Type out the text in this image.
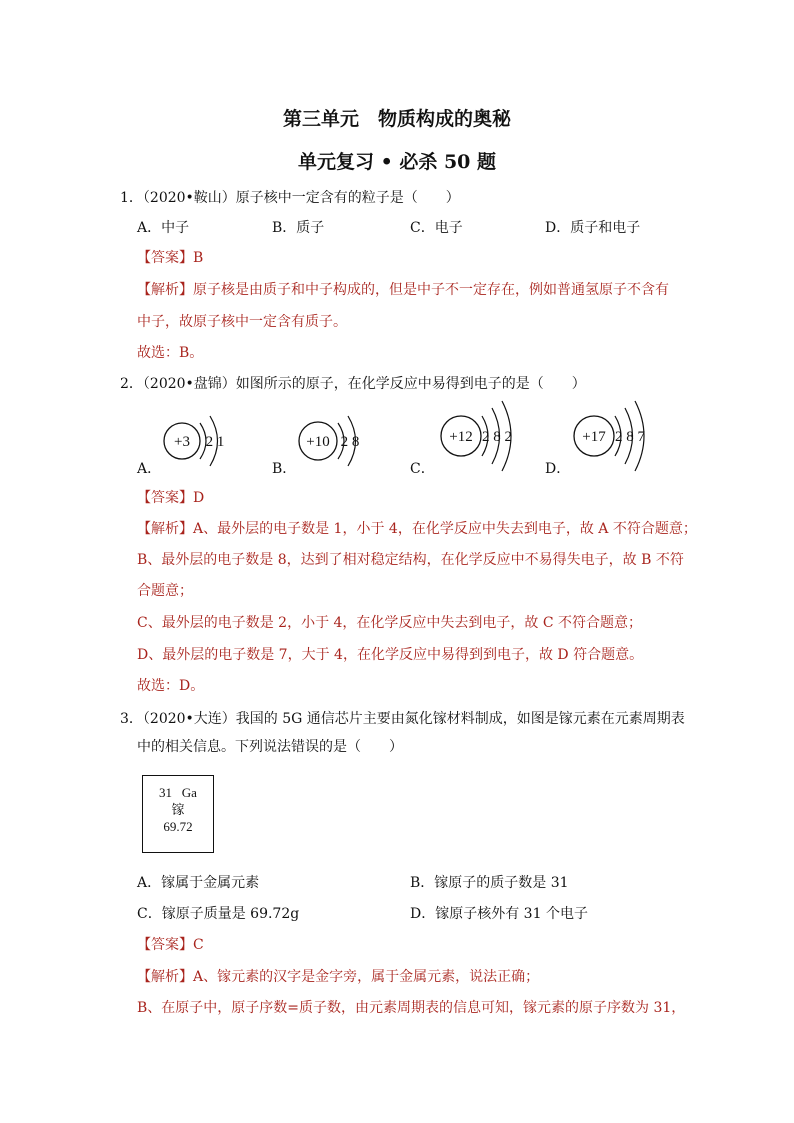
第三单元　物质构成的奥秘
单元复习 • 必杀 50 题
1．（2020•鞍山）原子核中一定含有的粒子是（　　）
A．中子	B．质子	C．电子	D．质子和电子
【答案】B
【解析】原子核是由质子和中子构成的，但是中子不一定存在，例如普通氢原子不含有
中子，故原子核中一定含有质子。
故选：B。
2．（2020•盘锦）如图所示的原子，在化学反应中易得到电子的是（　　）
+3 2 1	+10 2 8	+12 2 8 2	+17 2 8 7
A．	B．	C．	D．
【答案】D
【解析】A、最外层的电子数是 1，小于 4，在化学反应中失去到电子，故 A 不符合题意；
B、最外层的电子数是 8，达到了相对稳定结构，在化学反应中不易得失电子，故 B 不符
合题意；
C、最外层的电子数是 2，小于 4，在化学反应中失去到电子，故 C 不符合题意；
D、最外层的电子数是 7，大于 4，在化学反应中易得到到电子，故 D 符合题意。
故选：D。
3．（2020•大连）我国的 5G 通信芯片主要由氮化镓材料制成，如图是镓元素在元素周期表
中的相关信息。下列说法错误的是（　　）
31 Ga
镓
69.72
A．镓属于金属元素	B．镓原子的质子数是 31
C．镓原子质量是 69.72g	D．镓原子核外有 31 个电子
【答案】C
【解析】A、镓元素的汉字是金字旁，属于金属元素，说法正确；
B、在原子中，原子序数=质子数，由元素周期表的信息可知，镓元素的原子序数为 31，
